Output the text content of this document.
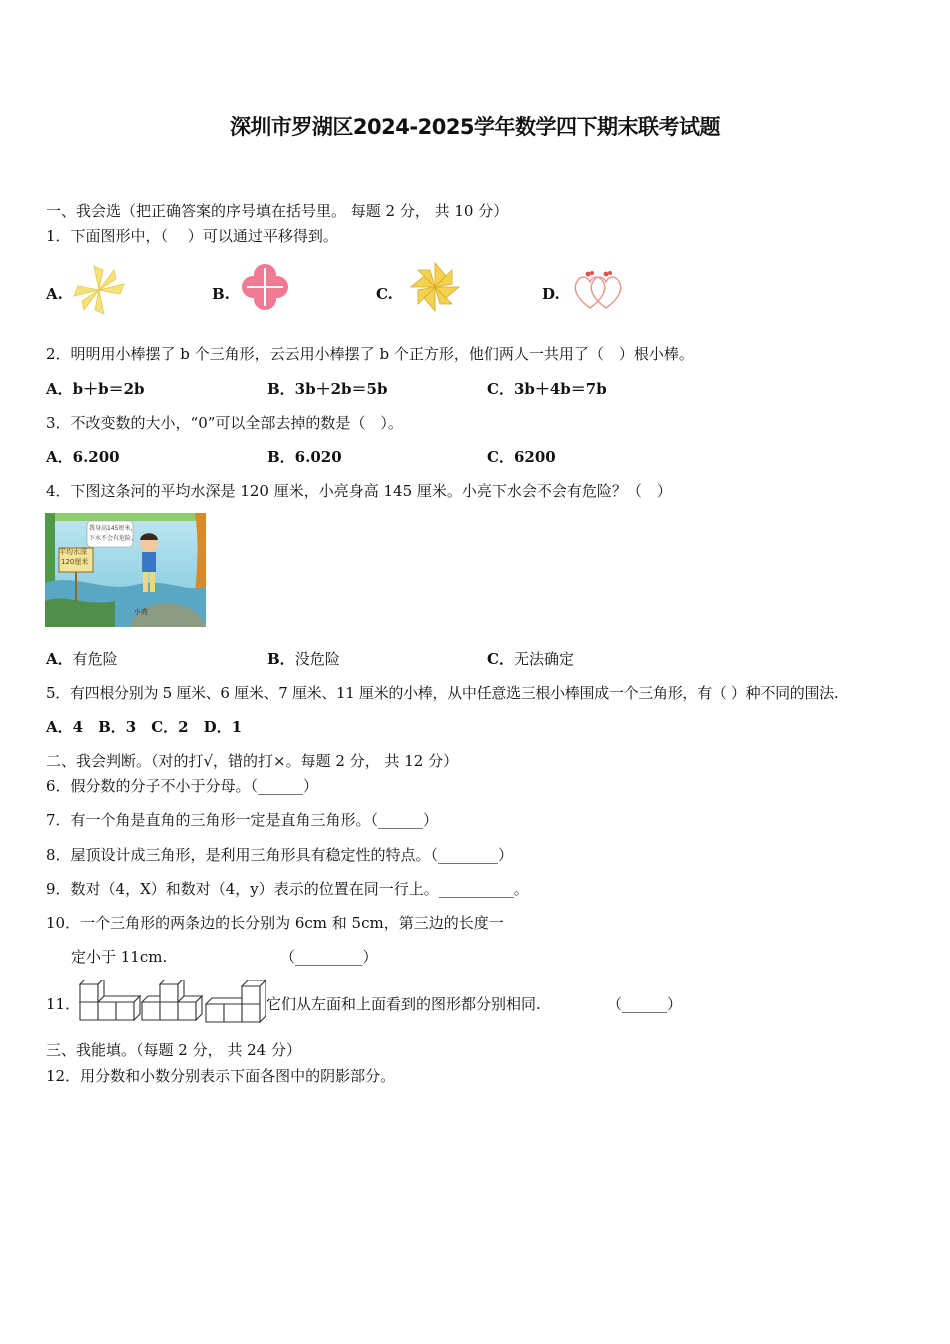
深圳市罗湖区2024-2025学年数学四下期末联考试题
一、我会选（把正确答案的序号填在括号里。 每题 2 分， 共 10 分）
1．下面图形中，（　 ）可以通过平移得到。
A.	B.	C.	D.
2．明明用小棒摆了 b 个三角形，云云用小棒摆了 b 个正方形，他们两人一共用了（　）根小棒。
A．b＋b＝2b	B．3b＋2b＝5b	C．3b＋4b＝7b
3．不改变数的大小，“0”可以全部去掉的数是（　）。
A．6.200	B．6.020	C．6200
4．下图这条河的平均水深是 120 厘米，小亮身高 145 厘米。小亮下水会不会有危险？（　）
平均水深
120厘米
我身高145厘米，
下水不会有危险。
小亮
A．有危险	B．没危险	C．无法确定
5．有四根分别为 5 厘米、6 厘米、7 厘米、11 厘米的小棒，从中任意选三根小棒围成一个三角形，有（ ）种不同的围法.
A．4　B．3　C．2　D．1
二、我会判断。（对的打√，错的打×。每题 2 分， 共 12 分）
6．假分数的分子不小于分母。（______）
7．有一个角是直角的三角形一定是直角三角形。（______）
8．屋顶设计成三角形，是利用三角形具有稳定性的特点。（________）
9．数对（4，X）和数对（4，y）表示的位置在同一行上。__________。
10．一个三角形的两条边的长分别为 6cm 和 5cm，第三边的长度一
定小于 11cm.	（_________）
11．	它们从左面和上面看到的图形都分别相同.	（______）
三、我能填。（每题 2 分， 共 24 分）
12．用分数和小数分别表示下面各图中的阴影部分。
